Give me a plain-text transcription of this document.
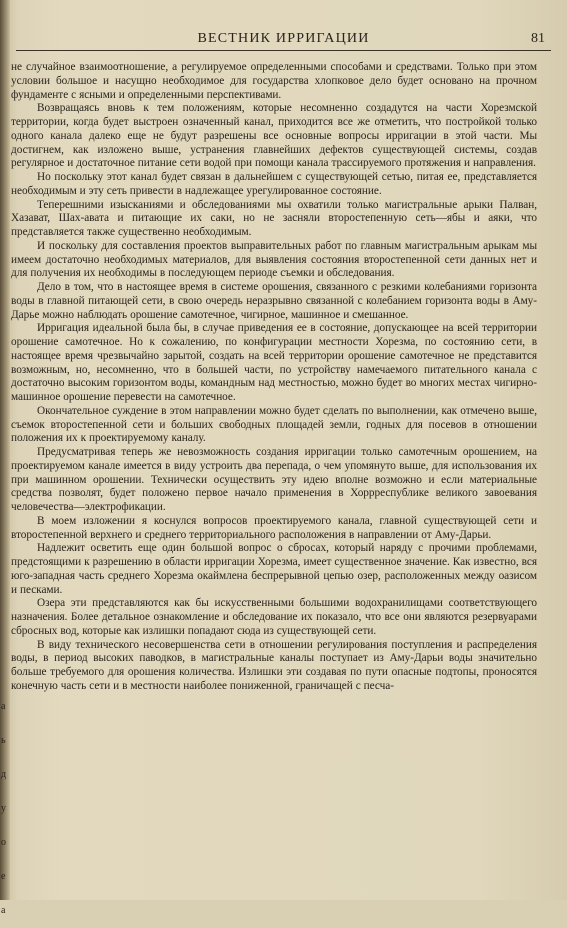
а
ь
д
у
о
е
а
ВЕСТНИК ИРРИГАЦИИ	81

не случайное взаимоотношение, а регулируемое определенными способами и средствами. Только при этом условии большое и насущно необходимое для государства хлопковое дело будет основано на прочном фундаменте с ясными и определенными перспективами.

Возвращаясь вновь к тем положениям, которые несомненно создадутся на части Хорезмской территории, когда будет выстроен означенный канал, приходится все же отметить, что постройкой только одного канала далеко еще не будут разрешены все основные вопросы ирригации в этой части. Мы достигнем, как изложено выше, устранения главнейших дефектов существующей системы, создав регулярное и достаточное питание сети водой при помощи канала трассируемого протяжения и направления.

Но поскольку этот канал будет связан в дальнейшем с существующей сетью, питая ее, представляется необходимым и эту сеть привести в надлежащее урегулированное состояние.

Теперешними изысканиями и обследованиями мы охватили только магистральные арыки Палван, Хазават, Шах-авата и питающие их саки, но не засняли второстепенную сеть—ябы и аяки, что представляется также существенно необходимым.

И поскольку для составления проектов выправительных работ по главным магистральным арыкам мы имеем достаточно необходимых материалов, для выявления состояния второстепенной сети данных нет и для получения их необходимы в последующем периоде съемки и обследования.

Дело в том, что в настоящее время в системе орошения, связанного с резкими колебаниями горизонта воды в главной питающей сети, в свою очередь неразрывно связанной с колебанием горизонта воды в Аму-Дарье можно наблюдать орошение самотечное, чигирное, машинное и смешанное.

Ирригация идеальной была бы, в случае приведения ее в состояние, допускающее на всей территории орошение самотечное. Но к сожалению, по конфигурации местности Хорезма, по состоянию сети, в настоящее время чрезвычайно зарытой, создать на всей территории орошение самотечное не представится возможным, но, несомненно, что в большей части, по устройству намечаемого питательного канала с достаточно высоким горизонтом воды, командным над местностью, можно будет во многих местах чигирно-машинное орошение перевести на самотечное.

Окончательное суждение в этом направлении можно будет сделать по выполнении, как отмечено выше, съемок второстепенной сети и больших свободных площадей земли, годных для посевов в отношении положения их к проектируемому каналу.

Предусматривая теперь же невозможность создания ирригации только самотечным орошением, на проектируемом канале имеется в виду устроить два перепада, о чем упомянуто выше, для использования их при машинном орошении. Технически осуществить эту идею вполне возможно и если материальные средства позволят, будет положено первое начало применения в Хоррреспублике великого завоевания человечества—электрофикации.

В моем изложении я коснулся вопросов проектируемого канала, главной существующей сети и второстепенной верхнего и среднего территориального расположения в направлении от Аму-Дарьи.

Надлежит осветить еще один большой вопрос о сбросах, который наряду с прочими проблемами, предстоящими к разрешению в области ирригации Хорезма, имеет существенное значение. Как известно, вся юго-западная часть среднего Хорезма окаймлена беспрерывной цепью озер, расположенных между оазисом и песками.

Озера эти представляются как бы искусственными большими водохранилищами соответствующего назначения. Более детальное ознакомление и обследование их показало, что все они являются резервуарами сбросных вод, которые как излишки попадают сюда из существующей сети.

В виду технического несовершенства сети в отношении регулирования поступления и распределения воды, в период высоких паводков, в магистральные каналы поступает из Аму-Дарьи воды значительно больше требуемого для орошения количества. Излишки эти создавая по пути опасные подтопы, проносятся конечную часть сети и в местности наиболее пониженной, граничащей с песча-
